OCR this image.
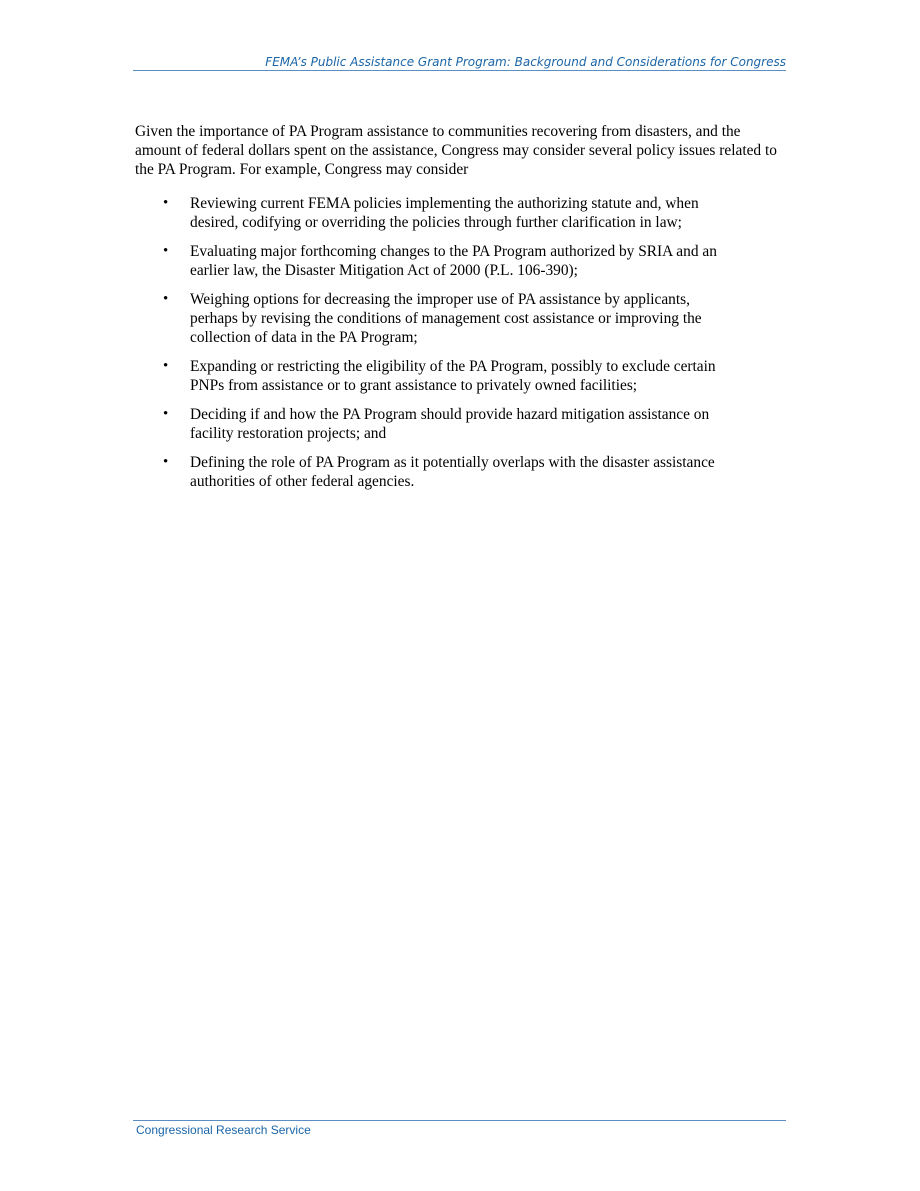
FEMA’s Public Assistance Grant Program: Background and Considerations for Congress

Given the importance of PA Program assistance to communities recovering from disasters, and the amount of federal dollars spent on the assistance, Congress may consider several policy issues related to the PA Program. For example, Congress may consider

• Reviewing current FEMA policies implementing the authorizing statute and, when desired, codifying or overriding the policies through further clarification in law;
• Evaluating major forthcoming changes to the PA Program authorized by SRIA and an earlier law, the Disaster Mitigation Act of 2000 (P.L. 106-390);
• Weighing options for decreasing the improper use of PA assistance by applicants, perhaps by revising the conditions of management cost assistance or improving the collection of data in the PA Program;
• Expanding or restricting the eligibility of the PA Program, possibly to exclude certain PNPs from assistance or to grant assistance to privately owned facilities;
• Deciding if and how the PA Program should provide hazard mitigation assistance on facility restoration projects; and
• Defining the role of PA Program as it potentially overlaps with the disaster assistance authorities of other federal agencies.
Congressional Research Service
